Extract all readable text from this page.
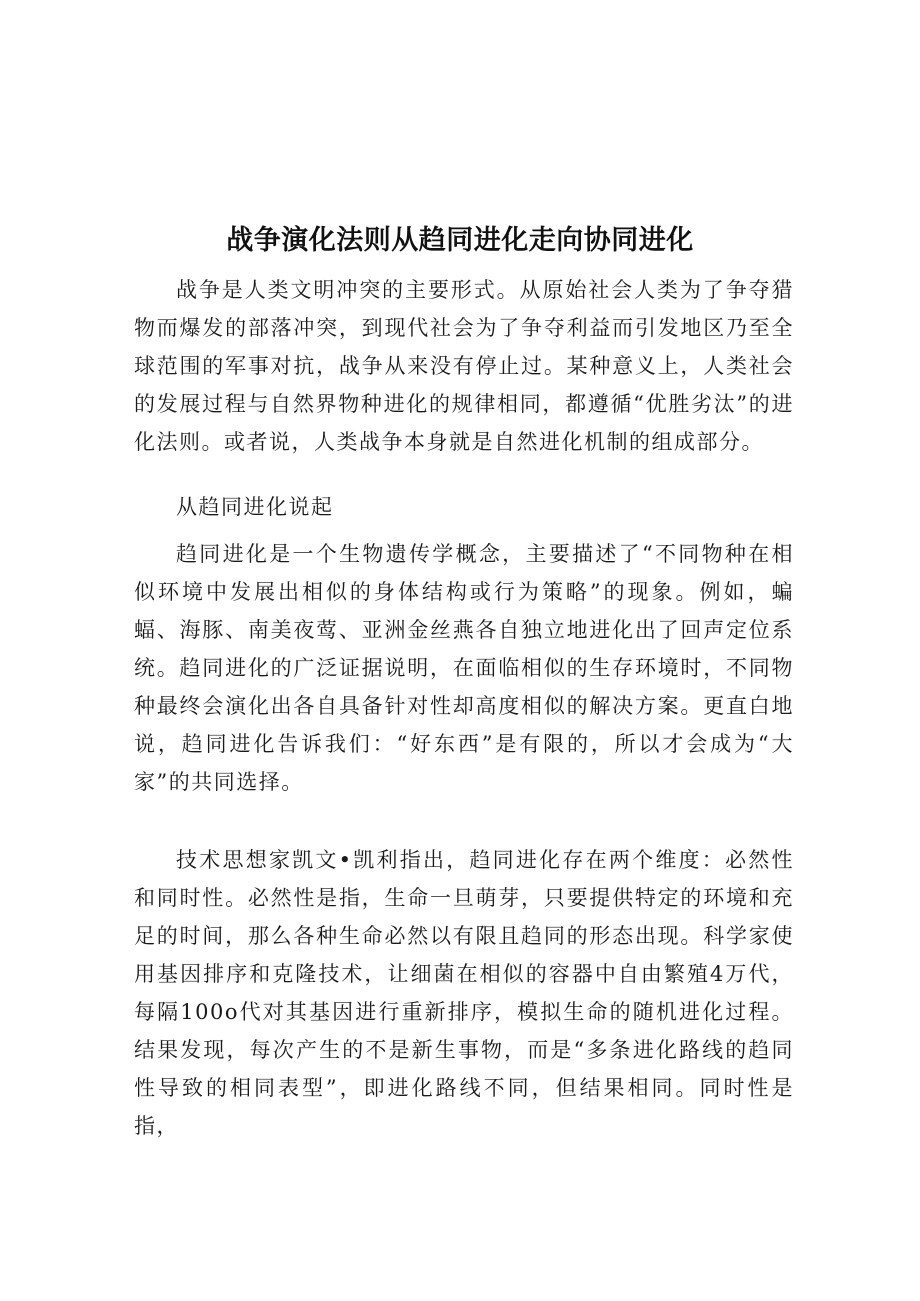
战争演化法则从趋同进化走向协同进化

战争是人类文明冲突的主要形式。从原始社会人类为了争夺猎物而爆发的部落冲突，到现代社会为了争夺利益而引发地区乃至全球范围的军事对抗，战争从来没有停止过。某种意义上，人类社会的发展过程与自然界物种进化的规律相同，都遵循“优胜劣汰”的进化法则。或者说，人类战争本身就是自然进化机制的组成部分。

从趋同进化说起

趋同进化是一个生物遗传学概念，主要描述了“不同物种在相似环境中发展出相似的身体结构或行为策略”的现象。例如，蝙蝠、海豚、南美夜莺、亚洲金丝燕各自独立地进化出了回声定位系统。趋同进化的广泛证据说明，在面临相似的生存环境时，不同物种最终会演化出各自具备针对性却高度相似的解决方案。更直白地说，趋同进化告诉我们：“好东西”是有限的，所以才会成为“大家”的共同选择。

技术思想家凯文•凯利指出，趋同进化存在两个维度：必然性和同时性。必然性是指，生命一旦萌芽，只要提供特定的环境和充足的时间，那么各种生命必然以有限且趋同的形态出现。科学家使用基因排序和克隆技术，让细菌在相似的容器中自由繁殖4万代，每隔100o代对其基因进行重新排序，模拟生命的随机进化过程。结果发现，每次产生的不是新生事物，而是“多条进化路线的趋同性导致的相同表型”，即进化路线不同，但结果相同。同时性是指，
